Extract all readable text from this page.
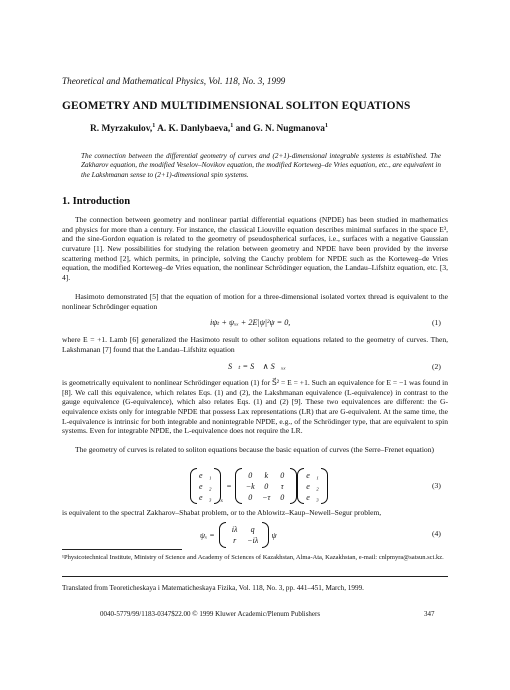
Theoretical and Mathematical Physics, Vol. 118, No. 3, 1999
GEOMETRY AND MULTIDIMENSIONAL SOLITON EQUATIONS
R. Myrzakulov,$^1$ A. K. Danlybaeva,$^1$ and G. N. Nugmanova$^1$
The connection between the differential geometry of curves and (2+1)-dimensional integrable systems is established. The Zakharov equation, the modified Veselov–Novikov equation, the modified Korteweg–de Vries equation, etc., are equivalent in the Lakshmanan sense to (2+1)-dimensional spin systems.
1. Introduction
The connection between geometry and nonlinear partial differential equations (NPDE) has been studied in mathematics and physics for more than a century. For instance, the classical Liouville equation describes minimal surfaces in the space E³, and the sine-Gordon equation is related to the geometry of pseudospherical surfaces, i.e., surfaces with a negative Gaussian curvature [1]. New possibilities for studying the relation between geometry and NPDE have been provided by the inverse scattering method [2], which permits, in principle, solving the Cauchy problem for NPDE such as the Korteweg–de Vries equation, the modified Korteweg–de Vries equation, the nonlinear Schrödinger equation, the Landau–Lifshitz equation, etc. [3, 4].
Hasimoto demonstrated [5] that the equation of motion for a three-dimensional isolated vortex thread is equivalent to the nonlinear Schrödinger equation
iψₜ + ψₓₓ + 2E|ψ|²ψ = 0,	(1)
where E = +1. Lamb [6] generalized the Hasimoto result to other soliton equations related to the geometry of curves. Then, Lakshmanan [7] found that the Landau–Lifshitz equation
S⃗ₜ = S⃗ ∧ S⃗ₓₓ	(2)
is geometrically equivalent to nonlinear Schrödinger equation (1) for S⃗² = E = +1. Such an equivalence for E = −1 was found in [8]. We call this equivalence, which relates Eqs. (1) and (2), the Lakshmanan equivalence (L-equivalence) in contrast to the gauge equivalence (G-equivalence), which also relates Eqs. (1) and (2) [9]. These two equivalences are different: the G-equivalence exists only for integrable NPDE that possess Lax representations (LR) that are G-equivalent. At the same time, the L-equivalence is intrinsic for both integrable and nonintegrable NPDE, e.g., of the Schrödinger type, that are equivalent to spin systems. Even for integrable NPDE, the L-equivalence does not require the LR.
The geometry of curves is related to soliton equations because the basic equation of curves (the Serre–Frenet equation)
e⃗₁
e⃗₂
e⃗₃ s
=
0	k	0
−k	0	τ
0	−τ	0
e⃗₁
e⃗₂
e⃗₃
(3)
is equivalent to the spectral Zakharov–Shabat problem, or to the Ablowitz–Kaup–Newell–Segur problem,
ψₓ =
iλ	q
r	−iλ
ψ	(4)
¹Physicotechnical Institute, Ministry of Science and Academy of Sciences of Kazakhstan, Alma-Ata, Kazakhstan, e-mail: cnlpmyra@satsun.sci.kz.
Translated from Teoreticheskaya i Matematicheskaya Fizika, Vol. 118, No. 3, pp. 441–451, March, 1999.
0040-5779/99/1183-0347$22.00 © 1999 Kluwer Academic/Plenum Publishers	347
